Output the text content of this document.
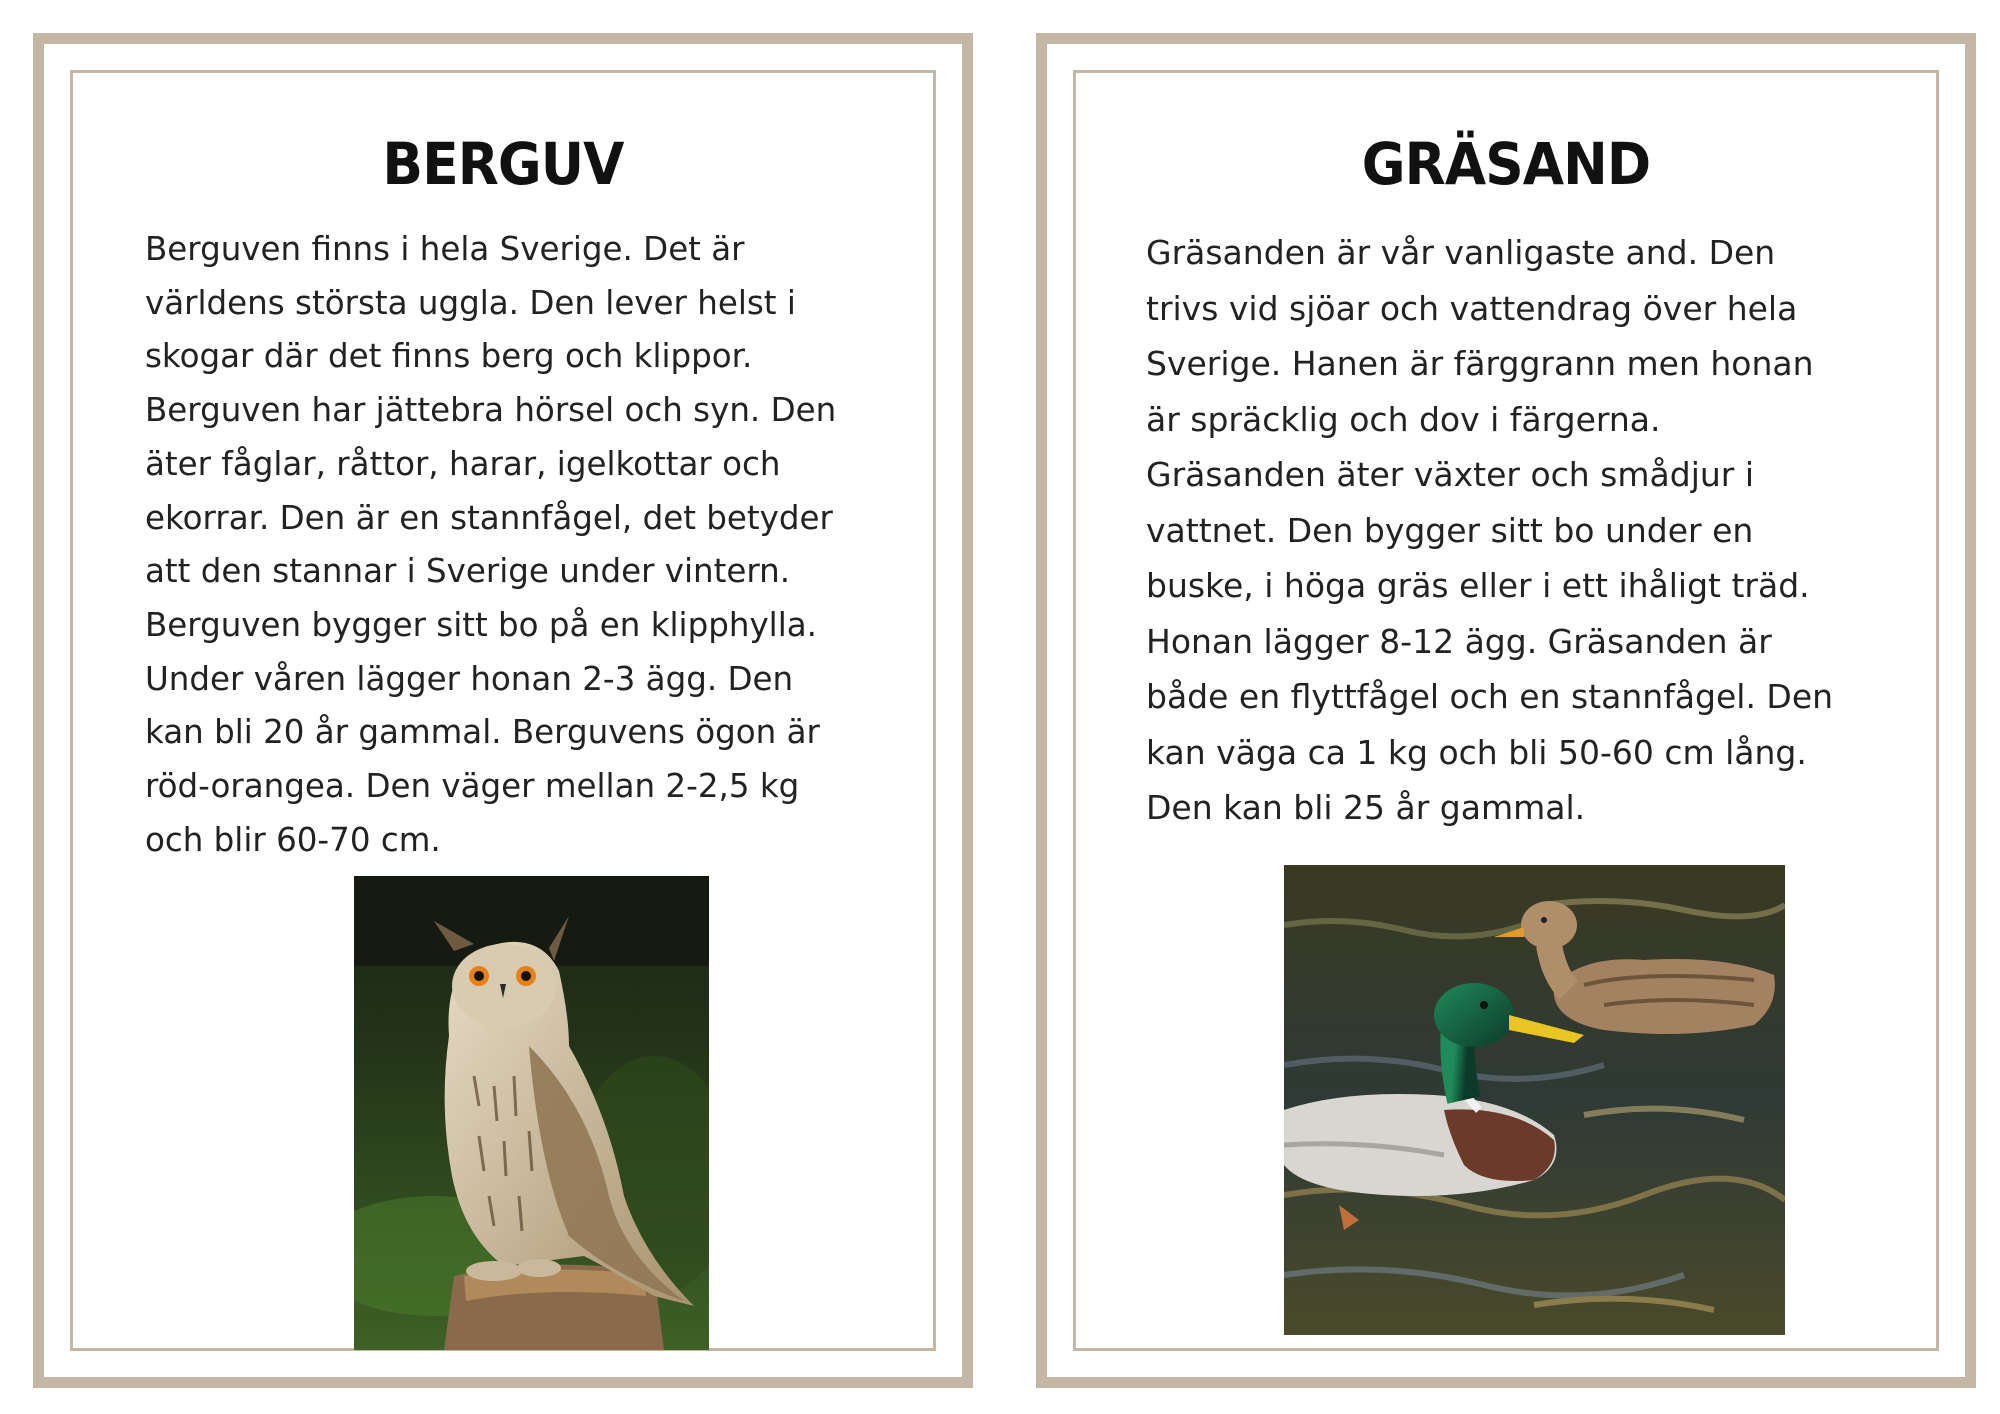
BERGUV

Berguven finns i hela Sverige. Det är
världens största uggla. Den lever helst i
skogar där det finns berg och klippor.
Berguven har jättebra hörsel och syn. Den
äter fåglar, råttor, harar, igelkottar och
ekorrar. Den är en stannfågel, det betyder
att den stannar i Sverige under vintern.
Berguven bygger sitt bo på en klipphylla.
Under våren lägger honan 2-3 ägg. Den
kan bli 20 år gammal. Berguvens ögon är
röd-orangea. Den väger mellan 2-2,5 kg
och blir 60-70 cm.

GRÄSAND

Gräsanden är vår vanligaste and. Den
trivs vid sjöar och vattendrag över hela
Sverige. Hanen är färggrann men honan
är spräcklig och dov i färgerna.
Gräsanden äter växter och smådjur i
vattnet. Den bygger sitt bo under en
buske, i höga gräs eller i ett ihåligt träd.
Honan lägger 8-12 ägg. Gräsanden är
både en flyttfågel och en stannfågel. Den
kan väga ca 1 kg och bli 50-60 cm lång.
Den kan bli 25 år gammal.
